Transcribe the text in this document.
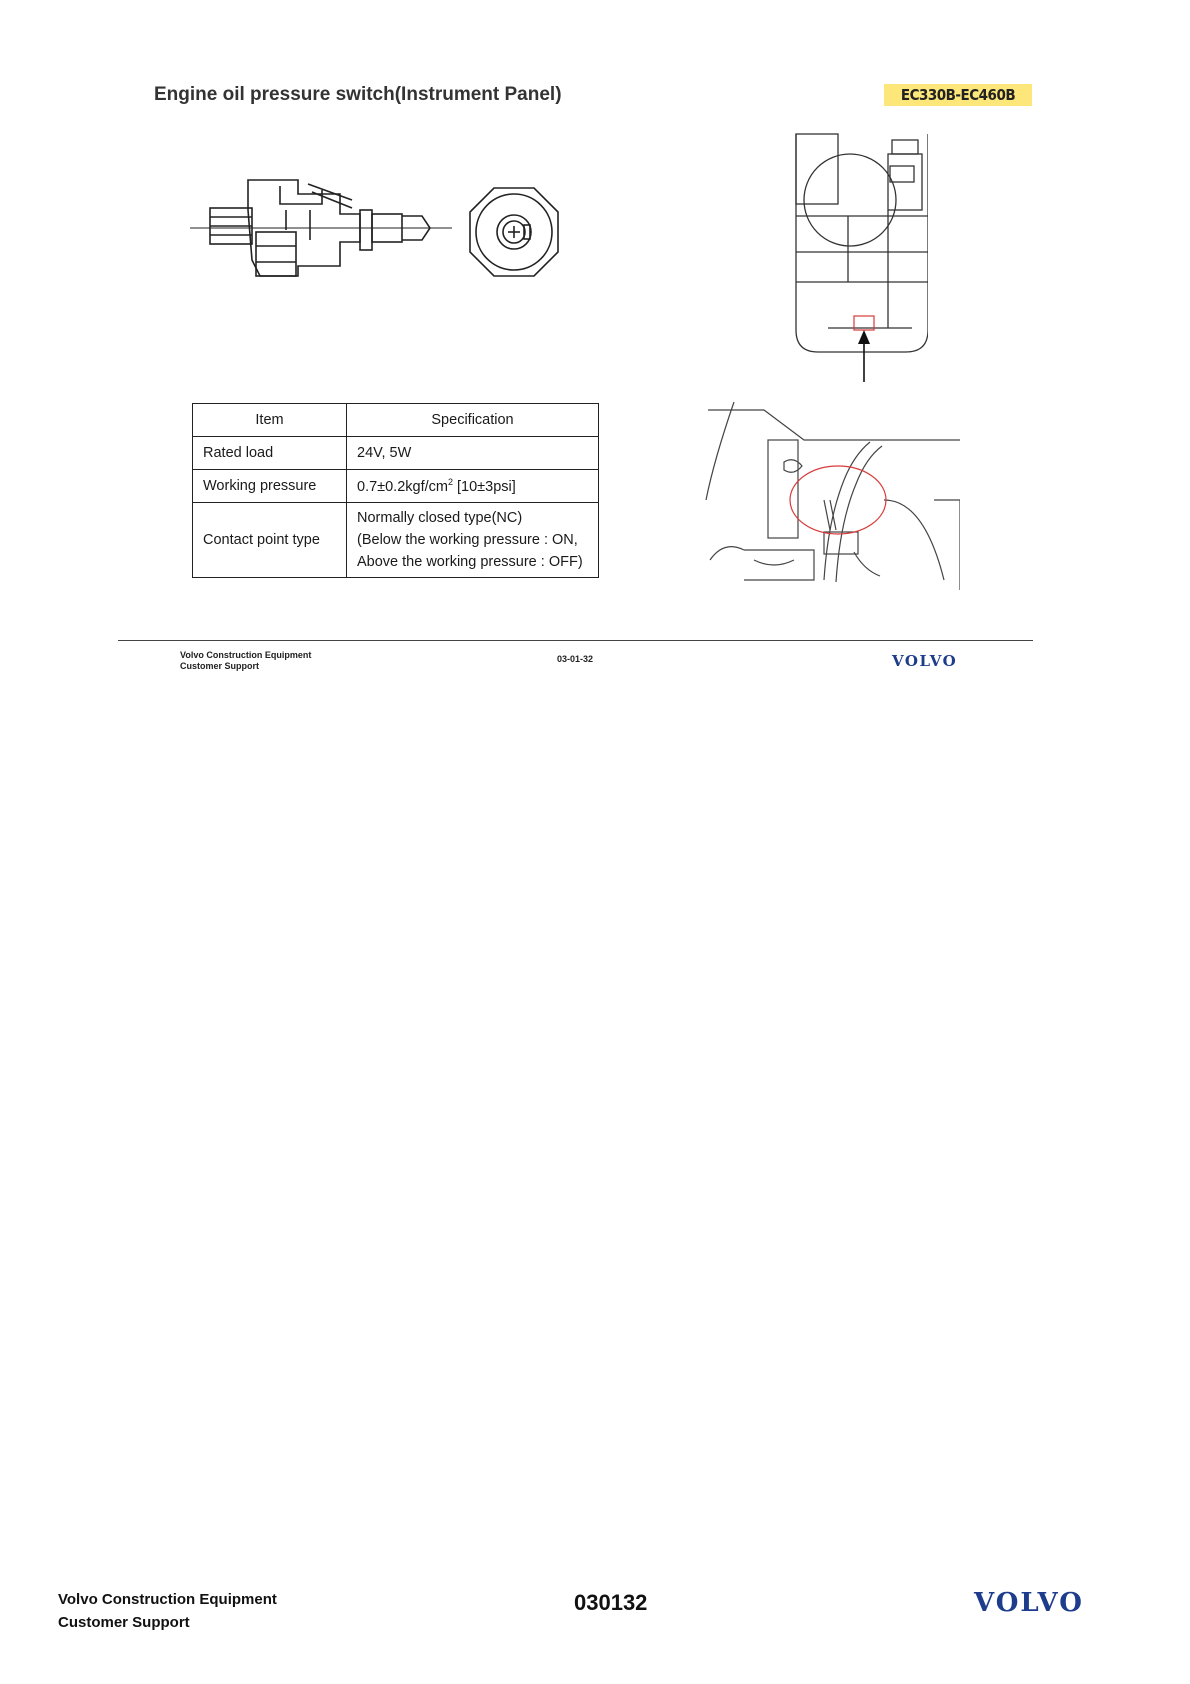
Engine oil pressure switch(Instrument Panel)	EC330B-EC460B
Item	Specification
Rated load	24V, 5W
Working pressure	$0.7\pm 0.2kgf/cm^2$ [10±3psi]
Contact point type	Normally closed type(NC)
(Below the working pressure : ON,
Above the working pressure : OFF)
Volvo Construction Equipment
Customer Support
03-01-32	VOLVO
Volvo Construction Equipment
Customer Support
030132	VOLVO
